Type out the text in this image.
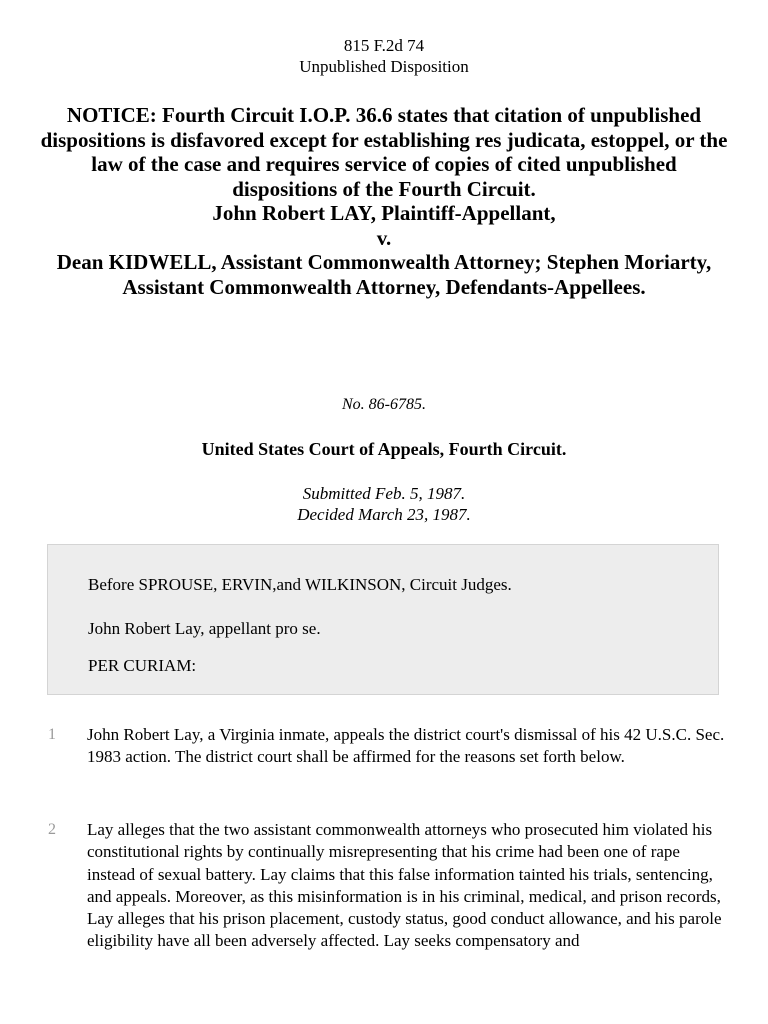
815 F.2d 74
Unpublished Disposition
NOTICE: Fourth Circuit I.O.P. 36.6 states that citation of unpublished dispositions is disfavored except for establishing res judicata, estoppel, or the law of the case and requires service of copies of cited unpublished dispositions of the Fourth Circuit.
John Robert LAY, Plaintiff-Appellant,
v.
Dean KIDWELL, Assistant Commonwealth Attorney; Stephen Moriarty, Assistant Commonwealth Attorney, Defendants-Appellees.
No. 86-6785.
United States Court of Appeals, Fourth Circuit.
Submitted Feb. 5, 1987.
Decided March 23, 1987.

Before SPROUSE, ERVIN,and WILKINSON, Circuit Judges.

John Robert Lay, appellant pro se.

PER CURIAM:

1 John Robert Lay, a Virginia inmate, appeals the district court's dismissal of his 42 U.S.C. Sec. 1983 action. The district court shall be affirmed for the reasons set forth below.

2 Lay alleges that the two assistant commonwealth attorneys who prosecuted him violated his constitutional rights by continually misrepresenting that his crime had been one of rape instead of sexual battery. Lay claims that this false information tainted his trials, sentencing, and appeals. Moreover, as this misinformation is in his criminal, medical, and prison records, Lay alleges that his prison placement, custody status, good conduct allowance, and his parole eligibility have all been adversely affected. Lay seeks compensatory and
